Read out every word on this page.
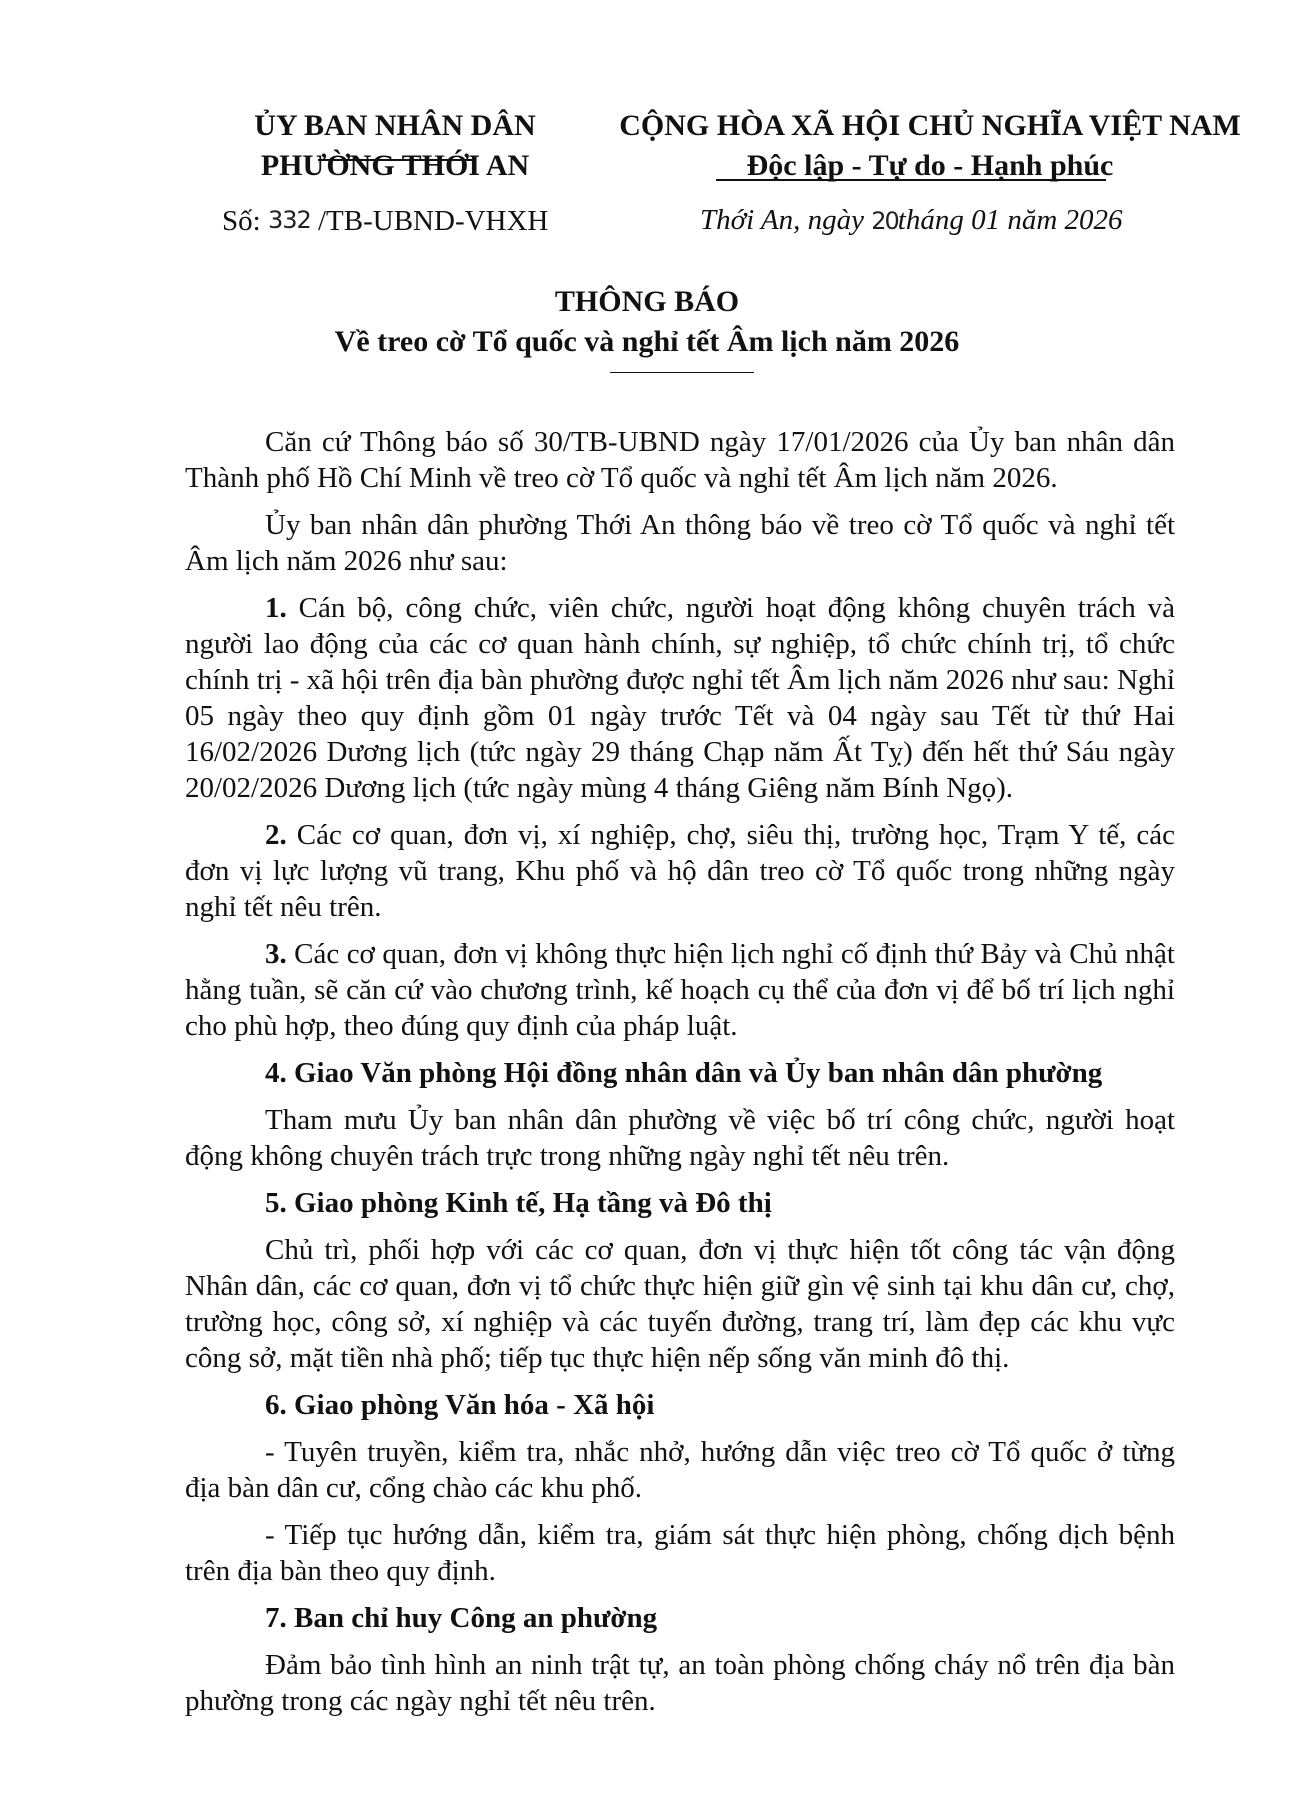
ỦY BAN NHÂN DÂN
PHƯỜNG THỚI AN
CỘNG HÒA XÃ HỘI CHỦ NGHĨA VIỆT NAM
Độc lập - Tự do - Hạnh phúc
Số: 332 /TB-UBND-VHXH	Thới An, ngày 20tháng 01 năm 2026
THÔNG BÁO
Về treo cờ Tổ quốc và nghỉ tết Âm lịch năm 2026

Căn cứ Thông báo số 30/TB-UBND ngày 17/01/2026 của Ủy ban nhân dân Thành phố Hồ Chí Minh về treo cờ Tổ quốc và nghỉ tết Âm lịch năm 2026.

Ủy ban nhân dân phường Thới An thông báo về treo cờ Tổ quốc và nghỉ tết Âm lịch năm 2026 như sau:

1. Cán bộ, công chức, viên chức, người hoạt động không chuyên trách và người lao động của các cơ quan hành chính, sự nghiệp, tổ chức chính trị, tổ chức chính trị - xã hội trên địa bàn phường được nghỉ tết Âm lịch năm 2026 như sau: Nghỉ 05 ngày theo quy định gồm 01 ngày trước Tết và 04 ngày sau Tết từ thứ Hai 16/02/2026 Dương lịch (tức ngày 29 tháng Chạp năm Ất Tỵ) đến hết thứ Sáu ngày 20/02/2026 Dương lịch (tức ngày mùng 4 tháng Giêng năm Bính Ngọ).

2. Các cơ quan, đơn vị, xí nghiệp, chợ, siêu thị, trường học, Trạm Y tế, các đơn vị lực lượng vũ trang, Khu phố và hộ dân treo cờ Tổ quốc trong những ngày nghỉ tết nêu trên.

3. Các cơ quan, đơn vị không thực hiện lịch nghỉ cố định thứ Bảy và Chủ nhật hằng tuần, sẽ căn cứ vào chương trình, kế hoạch cụ thể của đơn vị để bố trí lịch nghỉ cho phù hợp, theo đúng quy định của pháp luật.

4. Giao Văn phòng Hội đồng nhân dân và Ủy ban nhân dân phường

Tham mưu Ủy ban nhân dân phường về việc bố trí công chức, người hoạt động không chuyên trách trực trong những ngày nghỉ tết nêu trên.

5. Giao phòng Kinh tế, Hạ tầng và Đô thị

Chủ trì, phối hợp với các cơ quan, đơn vị thực hiện tốt công tác vận động Nhân dân, các cơ quan, đơn vị tổ chức thực hiện giữ gìn vệ sinh tại khu dân cư, chợ, trường học, công sở, xí nghiệp và các tuyến đường, trang trí, làm đẹp các khu vực công sở, mặt tiền nhà phố; tiếp tục thực hiện nếp sống văn minh đô thị.

6. Giao phòng Văn hóa - Xã hội

- Tuyên truyền, kiểm tra, nhắc nhở, hướng dẫn việc treo cờ Tổ quốc ở từng địa bàn dân cư, cổng chào các khu phố.

- Tiếp tục hướng dẫn, kiểm tra, giám sát thực hiện phòng, chống dịch bệnh trên địa bàn theo quy định.

7. Ban chỉ huy Công an phường

Đảm bảo tình hình an ninh trật tự, an toàn phòng chống cháy nổ trên địa bàn phường trong các ngày nghỉ tết nêu trên.
